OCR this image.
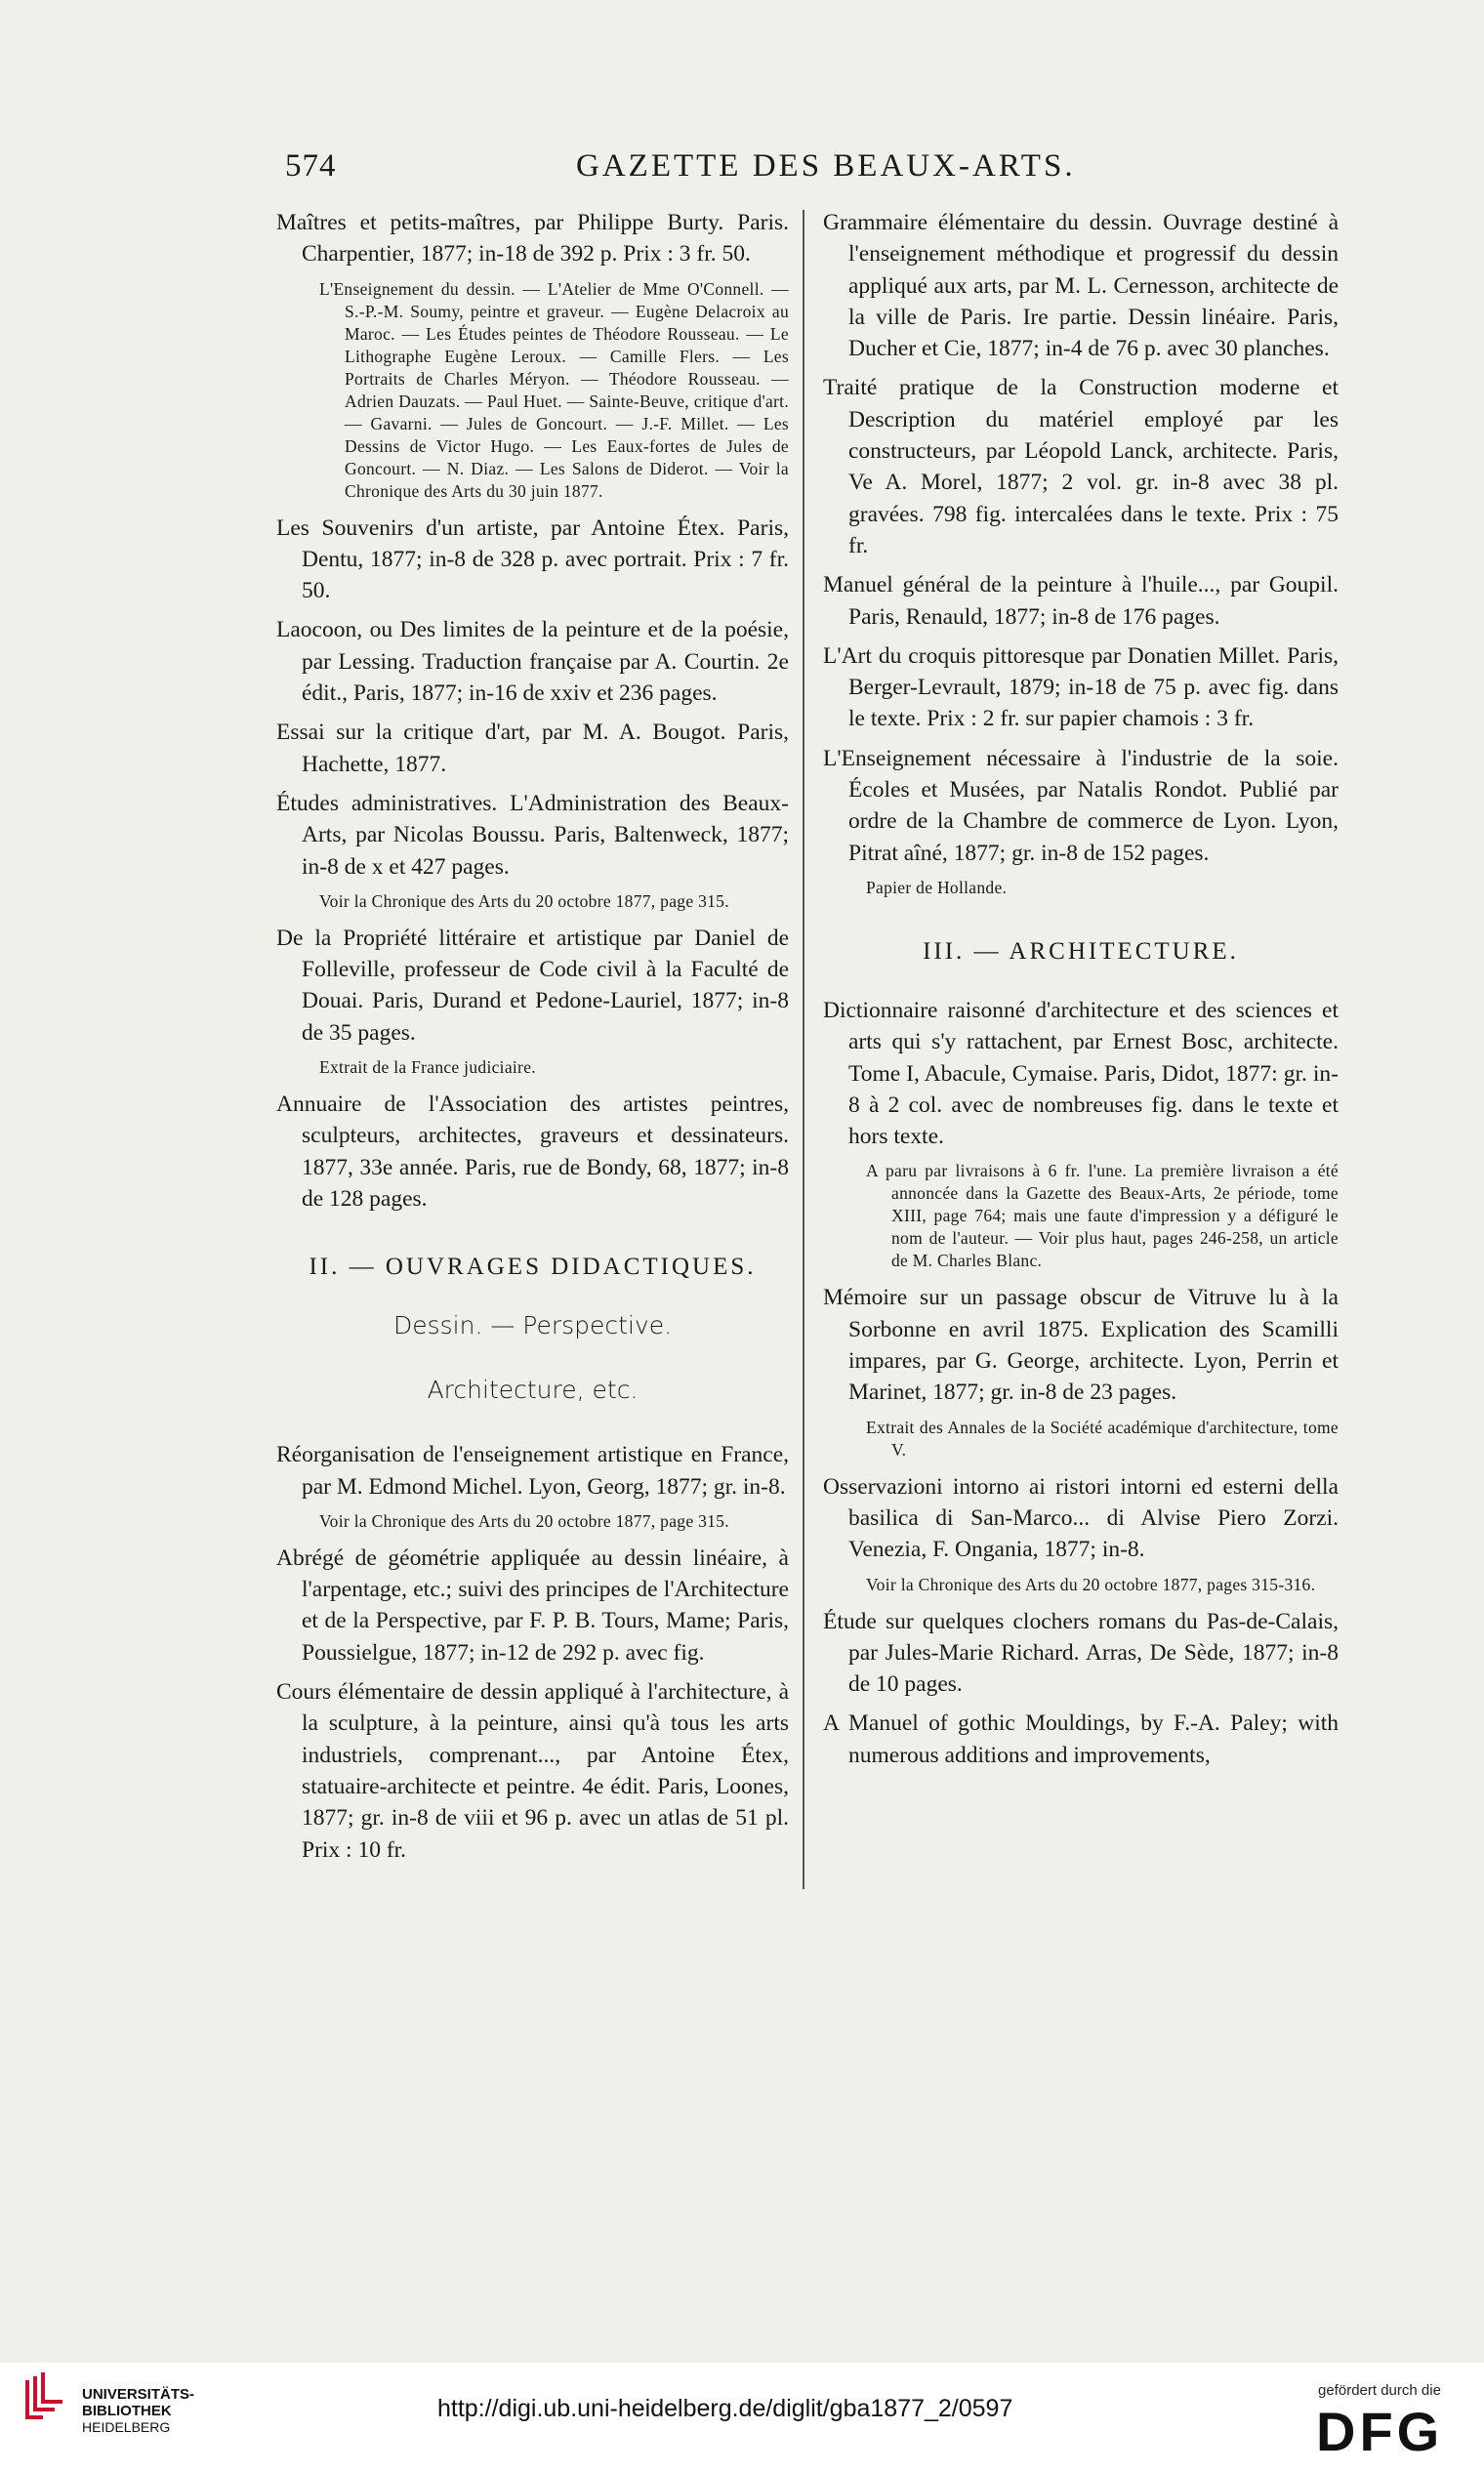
574	GAZETTE DES BEAUX-ARTS.
Maîtres et petits-maîtres, par Philippe Burty. Paris. Charpentier, 1877; in-18 de 392 p. Prix : 3 fr. 50.
L'Enseignement du dessin. — L'Atelier de Mme O'Connell. — S.-P.-M. Soumy, peintre et graveur. — Eugène Delacroix au Maroc. — Les Études peintes de Théodore Rousseau. — Le Lithographe Eugène Leroux. — Camille Flers. — Les Portraits de Charles Méryon. — Théodore Rousseau. — Adrien Dauzats. — Paul Huet. — Sainte-Beuve, critique d'art. — Gavarni. — Jules de Goncourt. — J.-F. Millet. — Les Dessins de Victor Hugo. — Les Eaux-fortes de Jules de Goncourt. — N. Diaz. — Les Salons de Diderot. — Voir la Chronique des Arts du 30 juin 1877.
Les Souvenirs d'un artiste, par Antoine Étex. Paris, Dentu, 1877; in-8 de 328 p. avec portrait. Prix : 7 fr. 50.
Laocoon, ou Des limites de la peinture et de la poésie, par Lessing. Traduction française par A. Courtin. 2e édit., Paris, 1877; in-16 de xxiv et 236 pages.
Essai sur la critique d'art, par M. A. Bougot. Paris, Hachette, 1877.
Études administratives. L'Administration des Beaux-Arts, par Nicolas Boussu. Paris, Baltenweck, 1877; in-8 de x et 427 pages.
Voir la Chronique des Arts du 20 octobre 1877, page 315.
De la Propriété littéraire et artistique par Daniel de Folleville, professeur de Code civil à la Faculté de Douai. Paris, Durand et Pedone-Lauriel, 1877; in-8 de 35 pages.
Extrait de la France judiciaire.
Annuaire de l'Association des artistes peintres, sculpteurs, architectes, graveurs et dessinateurs. 1877, 33e année. Paris, rue de Bondy, 68, 1877; in-8 de 128 pages.
II. — OUVRAGES DIDACTIQUES.
Dessin. — Perspective.
Architecture, etc.
Réorganisation de l'enseignement artistique en France, par M. Edmond Michel. Lyon, Georg, 1877; gr. in-8.
Voir la Chronique des Arts du 20 octobre 1877, page 315.
Abrégé de géométrie appliquée au dessin linéaire, à l'arpentage, etc.; suivi des principes de l'Architecture et de la Perspective, par F. P. B. Tours, Mame; Paris, Poussielgue, 1877; in-12 de 292 p. avec fig.
Cours élémentaire de dessin appliqué à l'architecture, à la sculpture, à la peinture, ainsi qu'à tous les arts industriels, comprenant..., par Antoine Étex, statuaire-architecte et peintre. 4e édit. Paris, Loones, 1877; gr. in-8 de viii et 96 p. avec un atlas de 51 pl. Prix : 10 fr.
Grammaire élémentaire du dessin. Ouvrage destiné à l'enseignement méthodique et progressif du dessin appliqué aux arts, par M. L. Cernesson, architecte de la ville de Paris. Ire partie. Dessin linéaire. Paris, Ducher et Cie, 1877; in-4 de 76 p. avec 30 planches.
Traité pratique de la Construction moderne et Description du matériel employé par les constructeurs, par Léopold Lanck, architecte. Paris, Ve A. Morel, 1877; 2 vol. gr. in-8 avec 38 pl. gravées. 798 fig. intercalées dans le texte. Prix : 75 fr.
Manuel général de la peinture à l'huile..., par Goupil. Paris, Renauld, 1877; in-8 de 176 pages.
L'Art du croquis pittoresque par Donatien Millet. Paris, Berger-Levrault, 1879; in-18 de 75 p. avec fig. dans le texte. Prix : 2 fr. sur papier chamois : 3 fr.
L'Enseignement nécessaire à l'industrie de la soie. Écoles et Musées, par Natalis Rondot. Publié par ordre de la Chambre de commerce de Lyon. Lyon, Pitrat aîné, 1877; gr. in-8 de 152 pages.
Papier de Hollande.
III. — ARCHITECTURE.
Dictionnaire raisonné d'architecture et des sciences et arts qui s'y rattachent, par Ernest Bosc, architecte. Tome I, Abacule, Cymaise. Paris, Didot, 1877: gr. in-8 à 2 col. avec de nombreuses fig. dans le texte et hors texte.
A paru par livraisons à 6 fr. l'une. La première livraison a été annoncée dans la Gazette des Beaux-Arts, 2e période, tome XIII, page 764; mais une faute d'impression y a défiguré le nom de l'auteur. — Voir plus haut, pages 246-258, un article de M. Charles Blanc.
Mémoire sur un passage obscur de Vitruve lu à la Sorbonne en avril 1875. Explication des Scamilli impares, par G. George, architecte. Lyon, Perrin et Marinet, 1877; gr. in-8 de 23 pages.
Extrait des Annales de la Société académique d'architecture, tome V.
Osservazioni intorno ai ristori intorni ed esterni della basilica di San-Marco... di Alvise Piero Zorzi. Venezia, F. Ongania, 1877; in-8.
Voir la Chronique des Arts du 20 octobre 1877, pages 315-316.
Étude sur quelques clochers romans du Pas-de-Calais, par Jules-Marie Richard. Arras, De Sède, 1877; in-8 de 10 pages.
A Manuel of gothic Mouldings, by F.-A. Paley; with numerous additions and improvements,
UNIVERSITÄTS-
BIBLIOTHEK
HEIDELBERG
http://digi.ub.uni-heidelberg.de/diglit/gba1877_2/0597
gefördert durch die
DFG
